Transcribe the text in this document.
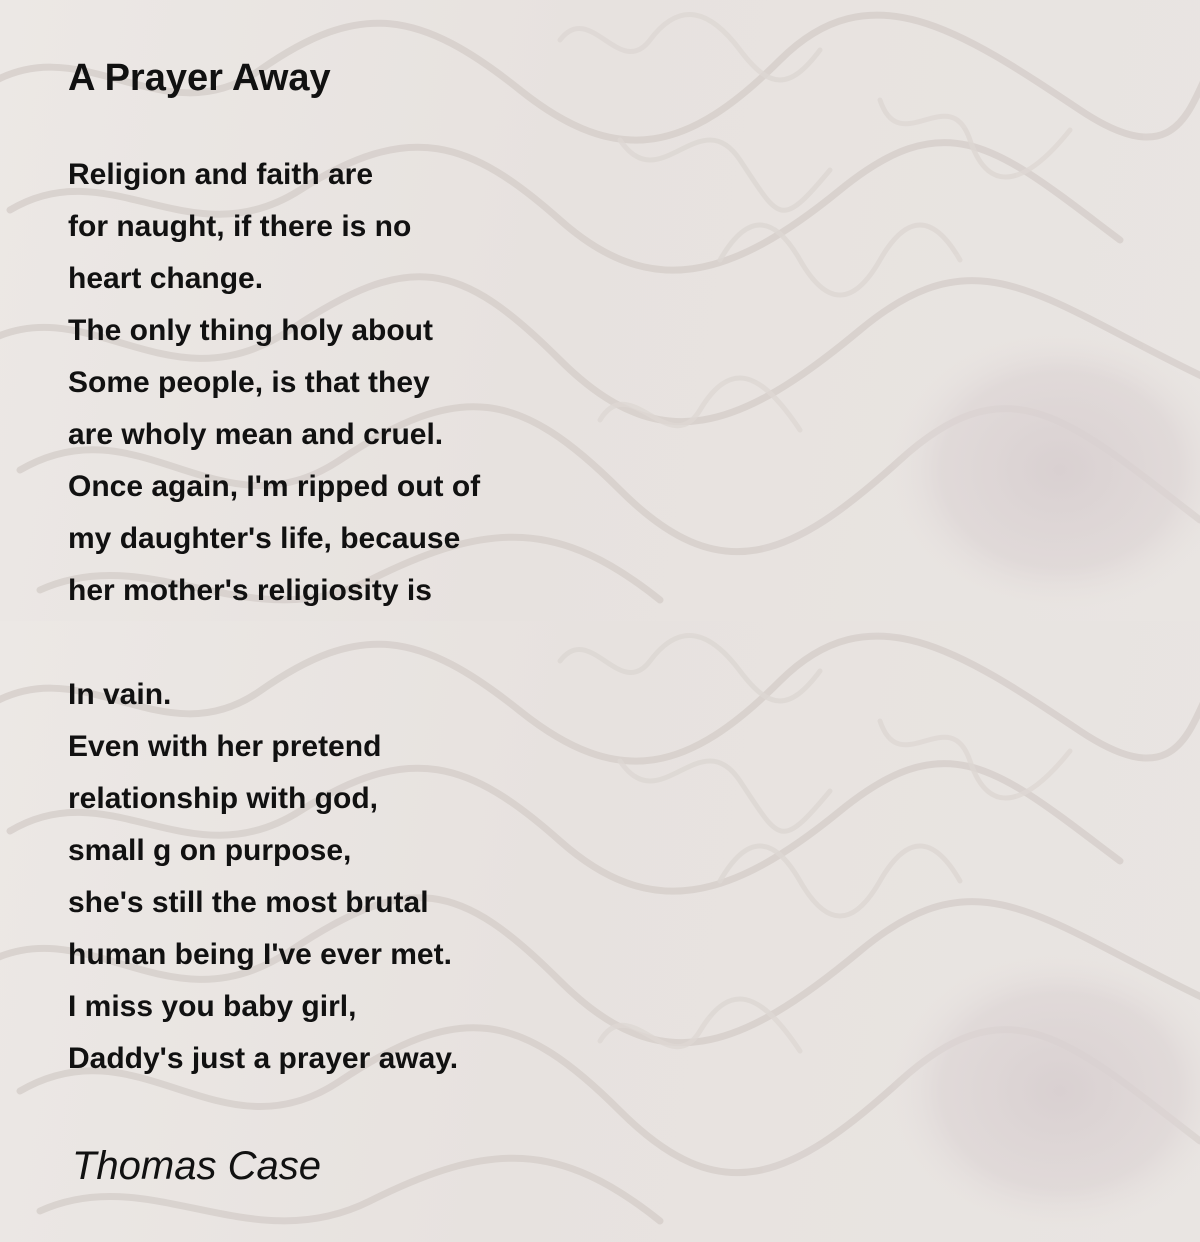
A Prayer Away
Religion and faith are
for naught, if there is no
heart change.
The only thing holy about
Some people, is that they
are wholy mean and cruel.
Once again, I'm ripped out of
my daughter's life, because
her mother's religiosity is
In vain.
Even with her pretend
relationship with god,
small g on purpose,
she's still the most brutal
human being I've ever met.
I miss you baby girl,
Daddy's just a prayer away.

Thomas Case
